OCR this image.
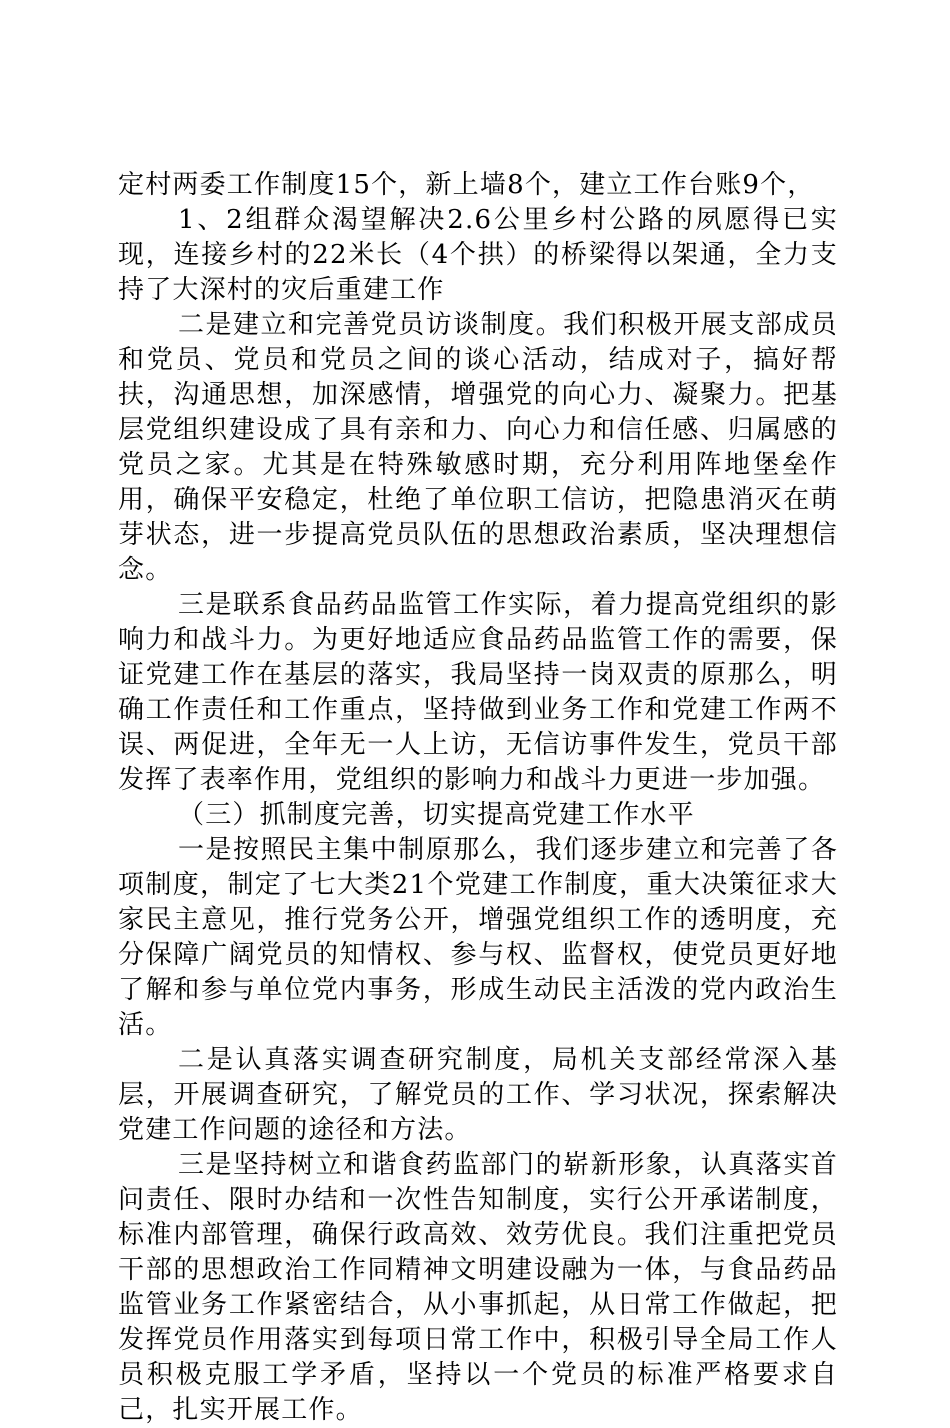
定村两委工作制度15个，新上墙8个，建立工作台账9个，

1、2组群众渴望解决2.6公里乡村公路的夙愿得已实现，连接乡村的22米长（4个拱）的桥梁得以架通，全力支持了大深村的灾后重建工作

二是建立和完善党员访谈制度。我们积极开展支部成员和党员、党员和党员之间的谈心活动，结成对子，搞好帮扶，沟通思想，加深感情，增强党的向心力、凝聚力。把基层党组织建设成了具有亲和力、向心力和信任感、归属感的党员之家。尤其是在特殊敏感时期，充分利用阵地堡垒作用，确保平安稳定，杜绝了单位职工信访，把隐患消灭在萌芽状态，进一步提高党员队伍的思想政治素质，坚决理想信念。

三是联系食品药品监管工作实际，着力提高党组织的影响力和战斗力。为更好地适应食品药品监管工作的需要，保证党建工作在基层的落实，我局坚持一岗双责的原那么，明确工作责任和工作重点，坚持做到业务工作和党建工作两不误、两促进，全年无一人上访，无信访事件发生，党员干部发挥了表率作用，党组织的影响力和战斗力更进一步加强。

（三）抓制度完善，切实提高党建工作水平

一是按照民主集中制原那么，我们逐步建立和完善了各项制度，制定了七大类21个党建工作制度，重大决策征求大家民主意见，推行党务公开，增强党组织工作的透明度，充分保障广阔党员的知情权、参与权、监督权，使党员更好地了解和参与单位党内事务，形成生动民主活泼的党内政治生活。

二是认真落实调查研究制度，局机关支部经常深入基层，开展调查研究，了解党员的工作、学习状况，探索解决党建工作问题的途径和方法。

三是坚持树立和谐食药监部门的崭新形象，认真落实首问责任、限时办结和一次性告知制度，实行公开承诺制度，标准内部管理，确保行政高效、效劳优良。我们注重把党员干部的思想政治工作同精神文明建设融为一体，与食品药品监管业务工作紧密结合，从小事抓起，从日常工作做起，把发挥党员作用落实到每项日常工作中，积极引导全局工作人员积极克服工学矛盾，坚持以一个党员的标准严格要求自己，扎实开展工作。
